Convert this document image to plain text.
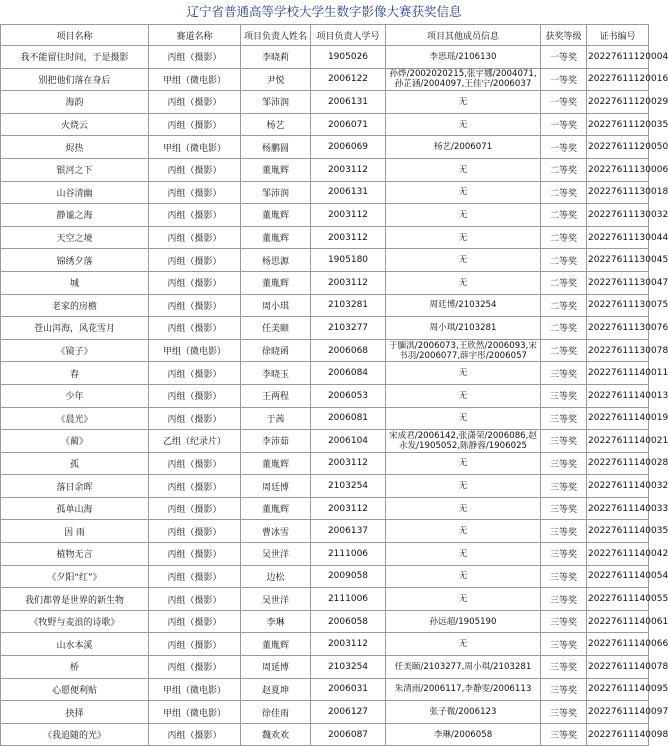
辽宁省普通高等学校大学生数字影像大赛获奖信息
项目名称	赛道名称	项目负责人姓名	项目负责人学号	项目其他成员信息	获奖等级	证书编号
我不能留住时间，于是摄影	丙组（摄影）	李晓莉	1905026	李思瑶/2106130	一等奖	20227611120004
别把他们落在身后	甲组（微电影）	尹悦	2006122	孙烨/2002020215,张宇娜/2004071,孙芷涵/2004097,王佳宁/2006037	一等奖	20227611120016
海韵	丙组（摄影）	邹沛润	2006131	无	一等奖	20227611120029
火烧云	丙组（摄影）	杨艺	2006071	无	一等奖	20227611120035
烬热	甲组（微电影）	杨鹏圆	2006069	杨艺/2006071	一等奖	20227611120050
银河之下	丙组（摄影）	董胤辉	2003112	无	二等奖	20227611130006
山谷清幽	丙组（摄影）	邹沛润	2006131	无	二等奖	20227611130018
静谧之海	丙组（摄影）	董胤辉	2003112	无	二等奖	20227611130032
天空之境	丙组（摄影）	董胤辉	2003112	无	二等奖	20227611130044
锦绣夕落	丙组（摄影）	杨思源	1905180	无	二等奖	20227611130045
城	丙组（摄影）	董胤辉	2003112	无	二等奖	20227611130047
老家的房檐	丙组（摄影）	周小琪	2103281	周廷博/2103254	二等奖	20227611130075
苍山洱海，风花雪月	丙组（摄影）	任美颐	2103277	周小琪/2103281	二等奖	20227611130076
《镜子》	甲组（微电影）	徐晓函	2006068	于腼淇/2006073,王欣然/2006093,宋书羽/2006077,薛宇彤/2006057	二等奖	20227611130078
春	丙组（摄影）	李晓玉	2006084	无	三等奖	20227611140011
少年	丙组（摄影）	王两程	2006053	无	三等奖	20227611140013
《晨光》	丙组（摄影）	于茜	2006081	无	三等奖	20227611140019
《蔺》	乙组（纪录片）	李沛茹	2006104	宋成君/2006142,张潇荣/2006086,赵永发/1905052,陈静蓉/1906025	三等奖	20227611140021
孤	丙组（摄影）	董胤辉	2003112	无	三等奖	20227611140028
落日余晖	丙组（摄影）	周廷博	2103254	无	三等奖	20227611140032
孤单山海	丙组（摄影）	董胤辉	2003112	无	三等奖	20227611140033
因 雨	丙组（摄影）	曹冰雪	2006137	无	三等奖	20227611140035
植物无言	丙组（摄影）	吴世洋	2111006	无	三等奖	20227611140042
《夕阳“红”》	丙组（摄影）	边松	2009058	无	三等奖	20227611140054
我们都曾是世界的新生物	丙组（摄影）	吴世洋	2111006	无	三等奖	20227611140055
《牧野与麦浪的诗歌》	丙组（摄影）	李琳	2006058	孙远超/1905190	三等奖	20227611140061
山水本溪	丙组（摄影）	董胤辉	2003112	无	三等奖	20227611140066
桥	丙组（摄影）	周延博	2103254	任美颐/2103277,周小琪/2103281	三等奖	20227611140078
心愿便利贴	甲组（微电影）	赵夏坤	2006031	朱清雨/2006117,李静雯/2006113	三等奖	20227611140095
抉择	甲组（微电影）	徐佳雨	2006127	张子微/2006123	三等奖	20227611140097
《我追随的光》	丙组（摄影）	魏欢欢	2006087	李琳/2006058	三等奖	20227611140098
